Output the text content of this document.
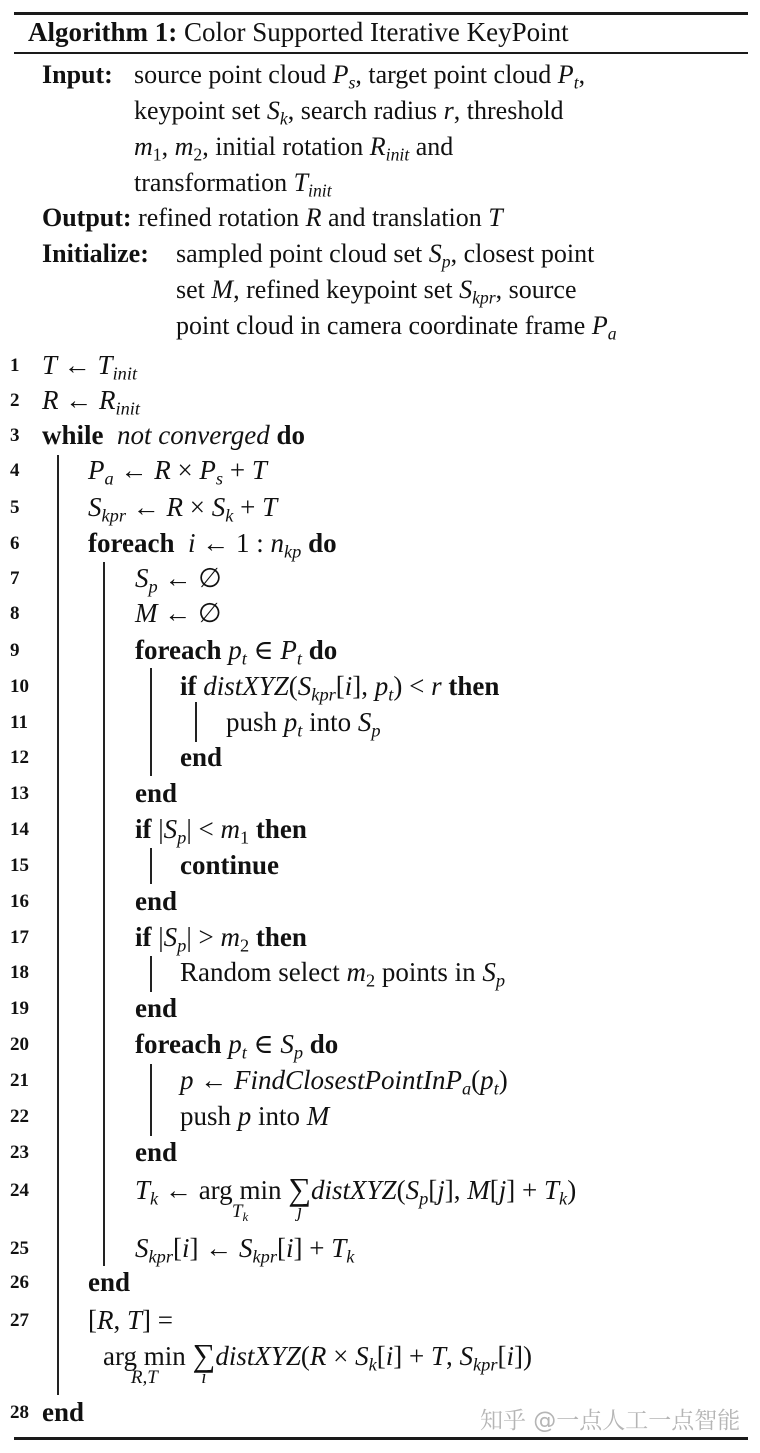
Algorithm 1: Color Supported Iterative KeyPoint
Input: source point cloud $P_s$, target point cloud $P_t$,
keypoint set $S_k$, search radius r, threshold
$m_1$, $m_2$, initial rotation $R_{init}$ and
transformation $T_{init}$
Output: refined rotation R and translation T
Initialize: sampled point cloud set $S_p$, closest point
set M, refined keypoint set $S_{kpr}$, source
point cloud in camera coordinate frame $P_a$
1 T ← $T_{init}$
2 R ← $R_{init}$
3 while not converged do
4	$P_a$ ← $R \times P_s + T$
5	$S_{kpr}$ ← $R \times S_k + T$
6	foreach i ← 1 : $n_{kp}$ do
7	$S_p$ ← ∅
8	M ← ∅
9	foreach $p_t$ ∈ $P_t$ do
10	if $distXYZ(S_{kpr}[i]$, $p_t) < r$ then
11	push $p_t$ into $S_p$
12	end
13	end
14	if $|S_p| < m_1$ then
15	continue
16	end
17	if $|S_p| > m_2$ then
18	Random select $m_2$ points in $S_p$
19	end
20	foreach $p_t$ ∈ $S_p$ do
21	p ← $FindClosestPointInP_a(p_t)$
22	push p into M
23	end
24	$T_k$ ← arg min
$T_k$
∑
j
$distXYZ(S_p[j]$, $M[j] + T_k$)
25	$S_{kpr}[i]$ ← $S_{kpr}[i] + T_k$
26 end
27 [R, T] =
arg min
R,T
∑
i
distXYZ(R × $S_k[i] + T$, $S_{kpr}[i]$)
28 end	知乎 @一点人工一点智能
